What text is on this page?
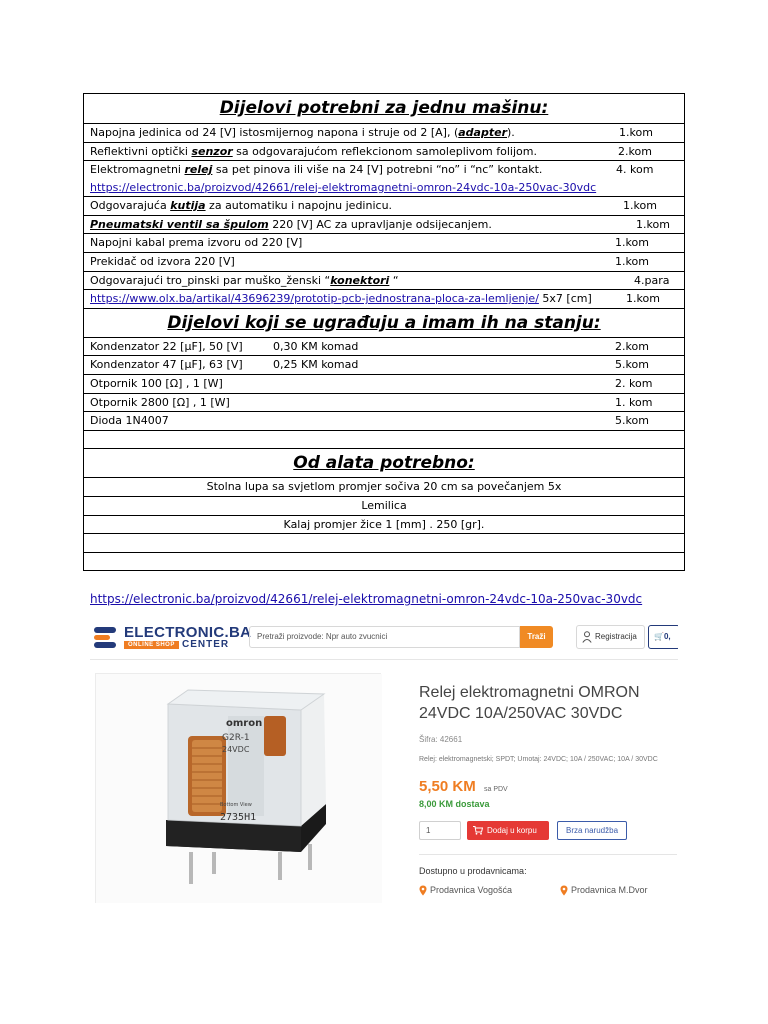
Dijelovi potrebni za jednu mašinu:
Napojna jedinica od 24 [V] istosmijernog napona i struje od 2 [A], (adapter).	1.kom
Reflektivni optički senzor sa odgovarajućom reflekcionom samoleplivom folijom.	2.kom
Elektromagnetni relej sa pet pinova ili više na 24 [V] potrebni “no” i “nc” kontakt.	4. kom

https://electronic.ba/proizvod/42661/relej-elektromagnetni-omron-24vdc-10a-250vac-30vdc
Odgovarajuća kutija za automatiku i napojnu jedinicu.	1.kom
Pneumatski ventil sa špulom 220 [V] AC za upravljanje odsijecanjem.	1.kom
Napojni kabal prema izvoru od 220 [V]	1.kom
Prekidač od izvora 220 [V]	1.kom
Odgovarajući tro_pinski par muško_ženski “konektori “	4.para
https://www.olx.ba/artikal/43696239/prototip-pcb-jednostrana-ploca-za-lemljenje/ 5x7 [cm]	1.kom
Dijelovi koji se ugrađuju a imam ih na stanju:
Kondenzator 22 [µF], 50 [V]	0,30 KM komad	2.kom
Kondenzator 47 [µF], 63 [V]	0,25 KM komad	5.kom
Otpornik 100 [Ω] , 1 [W]	2. kom
Otpornik 2800 [Ω] , 1 [W]	1. kom
Dioda 1N4007	5.kom
Od alata potrebno:
Stolna lupa sa svjetlom promjer sočiva 20 cm sa povečanjem 5x
Lemilica
Kalaj promjer žice 1 [mm] . 250 [gr].
https://electronic.ba/proizvod/42661/relej-elektromagnetni-omron-24vdc-10a-250vac-30vdc
ELECTRONIC.BA
ONLINE SHOP CENTER
Pretraži proizvode: Npr auto zvucnici	Traži	Registracija	🛒0,
omron
G2R-1
24VDC
Bottom View
2735H1
Relej elektromagnetni OMRON 24VDC 10A/250VAC 30VDC
Šifra: 42661
Relej: elektromagnetski; SPDT; Umotaj: 24VDC; 10A / 250VAC; 10A / 30VDC
5,50 KM sa PDV
8,00 KM dostava
1	Dodaj u korpu	Brza narudžba
Dostupno u prodavnicama:
Prodavnica Vogošća	Prodavnica M.Dvor
